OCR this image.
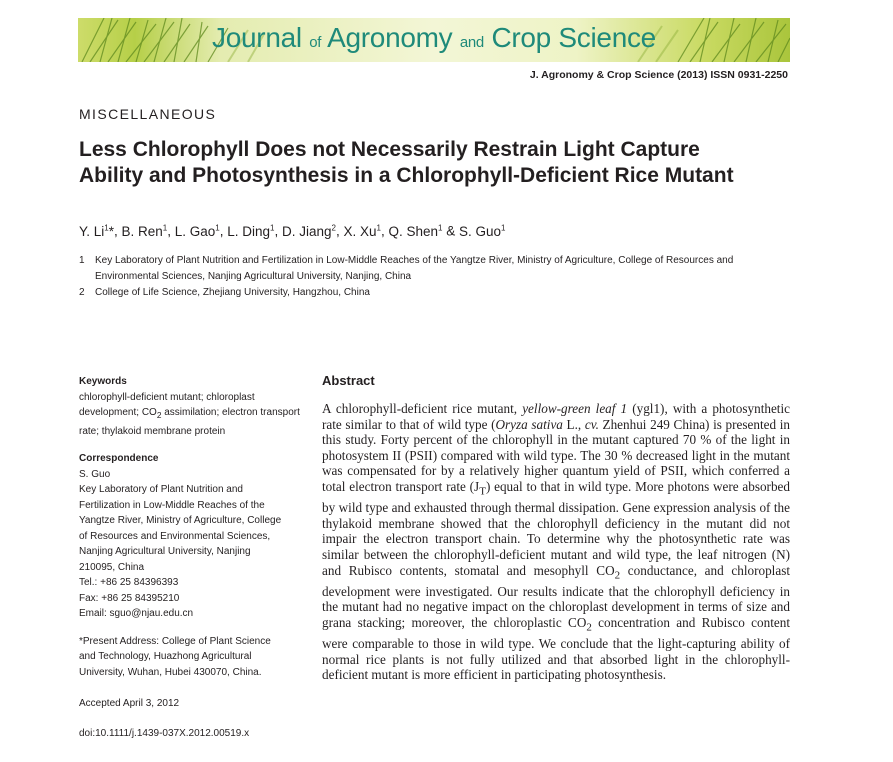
Journal of Agronomy and Crop Science
J. Agronomy & Crop Science (2013) ISSN 0931-2250
MISCELLANEOUS
Less Chlorophyll Does not Necessarily Restrain Light Capture Ability and Photosynthesis in a Chlorophyll-Deficient Rice Mutant
Y. Li$^1$*, B. Ren$^1$, L. Gao$^1$, L. Ding$^1$, D. Jiang$^2$, X. Xu$^1$, Q. Shen$^1$ & S. Guo$^1$
1	Key Laboratory of Plant Nutrition and Fertilization in Low-Middle Reaches of the Yangtze River, Ministry of Agriculture, College of Resources and Environmental Sciences, Nanjing Agricultural University, Nanjing, China
2	College of Life Science, Zhejiang University, Hangzhou, China
Keywords
chlorophyll-deficient mutant; chloroplast development; $CO_2$ assimilation; electron transport rate; thylakoid membrane protein
Correspondence
S. Guo
Key Laboratory of Plant Nutrition and
Fertilization in Low-Middle Reaches of the
Yangtze River, Ministry of Agriculture, College
of Resources and Environmental Sciences,
Nanjing Agricultural University, Nanjing
210095, China
Tel.: +86 25 84396393
Fax: +86 25 84395210
Email: sguo@njau.edu.cn
*Present Address: College of Plant Science
and Technology, Huazhong Agricultural
University, Wuhan, Hubei 430070, China.
Accepted April 3, 2012
doi:10.1111/j.1439-037X.2012.00519.x
Abstract

A chlorophyll-deficient rice mutant, yellow-green leaf 1 (ygl1), with a photosynthetic rate similar to that of wild type (Oryza sativa L., cv. Zhenhui 249 China) is presented in this study. Forty percent of the chlorophyll in the mutant captured 70 % of the light in photosystem II (PSII) compared with wild type. The 30 % decreased light in the mutant was compensated for by a relatively higher quantum yield of PSII, which conferred a total electron transport rate $(J_T)$ equal to that in wild type. More photons were absorbed by wild type and exhausted through thermal dissipation. Gene expression analysis of the thylakoid membrane showed that the chlorophyll deficiency in the mutant did not impair the electron transport chain. To determine why the photosynthetic rate was similar between the chlorophyll-deficient mutant and wild type, the leaf nitrogen (N) and Rubisco contents, stomatal and mesophyll $CO_2$ conductance, and chloroplast development were investigated. Our results indicate that the chlorophyll deficiency in the mutant had no negative impact on the chloroplast development in terms of size and grana stacking; moreover, the chloroplastic $CO_2$ concentration and Rubisco content were comparable to those in wild type. We conclude that the light-capturing ability of normal rice plants is not fully utilized and that absorbed light in the chlorophyll-deficient mutant is more efficient in participating photosynthesis.
